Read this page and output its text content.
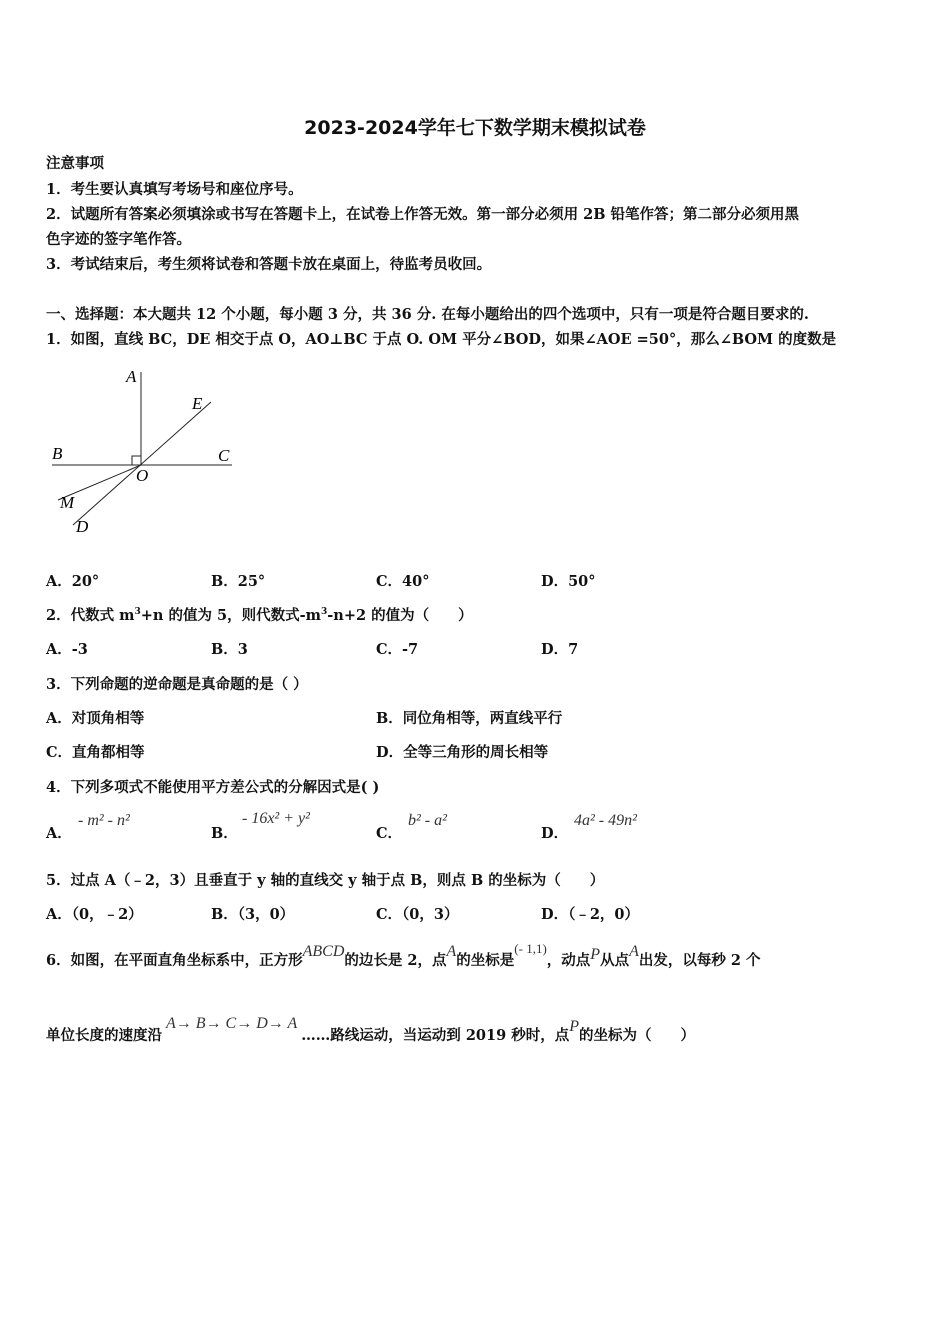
2023-2024学年七下数学期末模拟试卷
注意事项
1．考生要认真填写考场号和座位序号。
2．试题所有答案必须填涂或书写在答题卡上，在试卷上作答无效。第一部分必须用 2B 铅笔作答；第二部分必须用黑
色字迹的签字笔作答。
3．考试结束后，考生须将试卷和答题卡放在桌面上，待监考员收回。
一、选择题：本大题共 12 个小题，每小题 3 分，共 36 分. 在每小题给出的四个选项中，只有一项是符合题目要求的.
1．如图，直线 BC，DE 相交于点 O，AO⊥BC 于点 O. OM 平分∠BOD，如果∠AOE =50°，那么∠BOM 的度数是
A
E
B	C
O
M
D
A．20°	B．25°	C．40°	D．50°
2．代数式 $m^3+n$ 的值为 5，则代数式$-m^3-n+2$ 的值为（　　）
A．-3	B．3	C．-7	D．7
3．下列命题的逆命题是真命题的是（ ）
A．对顶角相等	B．同位角相等，两直线平行
C．直角都相等	D．全等三角形的周长相等
4．下列多项式不能使用平方差公式的分解因式是( )
A．
- m² - n²
B．
- 16x² + y²
C．
b² - a²
D．
4a² - 49n²
5．过点 A（﹣2，3）且垂直于 y 轴的直线交 y 轴于点 B，则点 B 的坐标为（　　）
A．（0，﹣2）	B．（3，0）	C．（0，3）	D．（﹣2，0）
6．如图，在平面直角坐标系中，正方形ABCD的边长是 2，点A的坐标是(- 1,1)，动点P从点A出发，以每秒 2 个
单位长度的速度沿A→ B→ C→ D→ A……路线运动，当运动到 2019 秒时，点P的坐标为（　　）
